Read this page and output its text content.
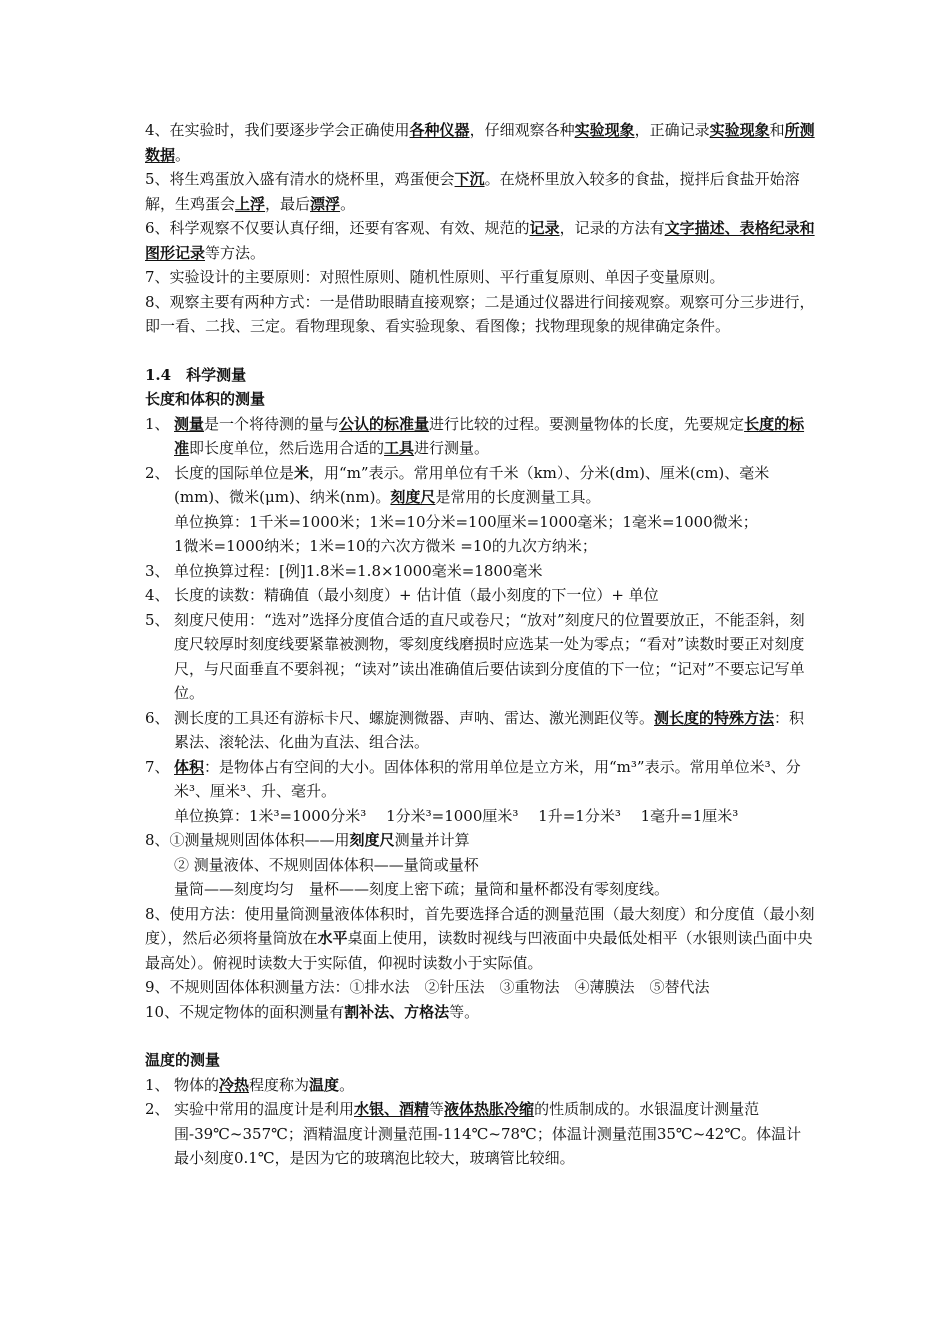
4、在实验时，我们要逐步学会正确使用各种仪器，仔细观察各种实验现象，正确记录实验现象和所测数据。

5、将生鸡蛋放入盛有清水的烧杯里，鸡蛋便会下沉。在烧杯里放入较多的食盐，搅拌后食盐开始溶解，生鸡蛋会上浮，最后漂浮。

6、科学观察不仅要认真仔细，还要有客观、有效、规范的记录，记录的方法有文字描述、表格纪录和图形记录等方法。

7、实验设计的主要原则：对照性原则、随机性原则、平行重复原则、单因子变量原则。

8、观察主要有两种方式：一是借助眼睛直接观察；二是通过仪器进行间接观察。观察可分三步进行，即一看、二找、三定。看物理现象、看实验现象、看图像；找物理现象的规律确定条件。

1.4　科学测量

长度和体积的测量

1、 测量是一个将待测的量与公认的标准量进行比较的过程。要测量物体的长度，先要规定长度的标准即长度单位，然后选用合适的工具进行测量。
2、 长度的国际单位是米，用“m”表示。常用单位有千米（km）、分米(dm)、厘米(cm)、毫米(mm)、微米(μm)、纳米(nm)。刻度尺是常用的长度测量工具。
单位换算：1千米=1000米；1米=10分米=100厘米=1000毫米；1毫米=1000微米；
1微米=1000纳米；1米=10的六次方微米 =10的九次方纳米；
3、 单位换算过程：[例]1.8米=1.8×1000毫米=1800毫米
4、 长度的读数：精确值（最小刻度）+ 估计值（最小刻度的下一位）+ 单位
5、 刻度尺使用：“选对”选择分度值合适的直尺或卷尺；“放对”刻度尺的位置要放正，不能歪斜，刻度尺较厚时刻度线要紧靠被测物，零刻度线磨损时应选某一处为零点；“看对”读数时要正对刻度尺，与尺面垂直不要斜视；“读对”读出准确值后要估读到分度值的下一位；“记对”不要忘记写单位。
6、 测长度的工具还有游标卡尺、螺旋测微器、声呐、雷达、激光测距仪等。测长度的特殊方法：积累法、滚轮法、化曲为直法、组合法。
7、 体积：是物体占有空间的大小。固体体积的常用单位是立方米，用“m³”表示。常用单位米³、分米³、厘米³、升、毫升。
单位换算：1米³=1000分米³　 1分米³=1000厘米³　 1升=1分米³　 1毫升=1厘米³

8、①测量规则固体体积——用刻度尺测量并计算

② 测量液体、不规则固体体积——量筒或量杯
量筒——刻度均匀　量杯——刻度上密下疏；量筒和量杯都没有零刻度线。

8、使用方法：使用量筒测量液体体积时，首先要选择合适的测量范围（最大刻度）和分度值（最小刻度），然后必须将量筒放在水平桌面上使用，读数时视线与凹液面中央最低处相平（水银则读凸面中央最高处）。俯视时读数大于实际值，仰视时读数小于实际值。

9、不规则固体体积测量方法：①排水法　②针压法　③重物法　④薄膜法　⑤替代法

10、不规定物体的面积测量有割补法、方格法等。

温度的测量

1、 物体的冷热程度称为温度。
2、 实验中常用的温度计是利用水银、酒精等液体热胀冷缩的性质制成的。水银温度计测量范围-39℃~357℃；酒精温度计测量范围-114℃~78℃；体温计测量范围35℃~42℃。体温计最小刻度0.1℃，是因为它的玻璃泡比较大，玻璃管比较细。
